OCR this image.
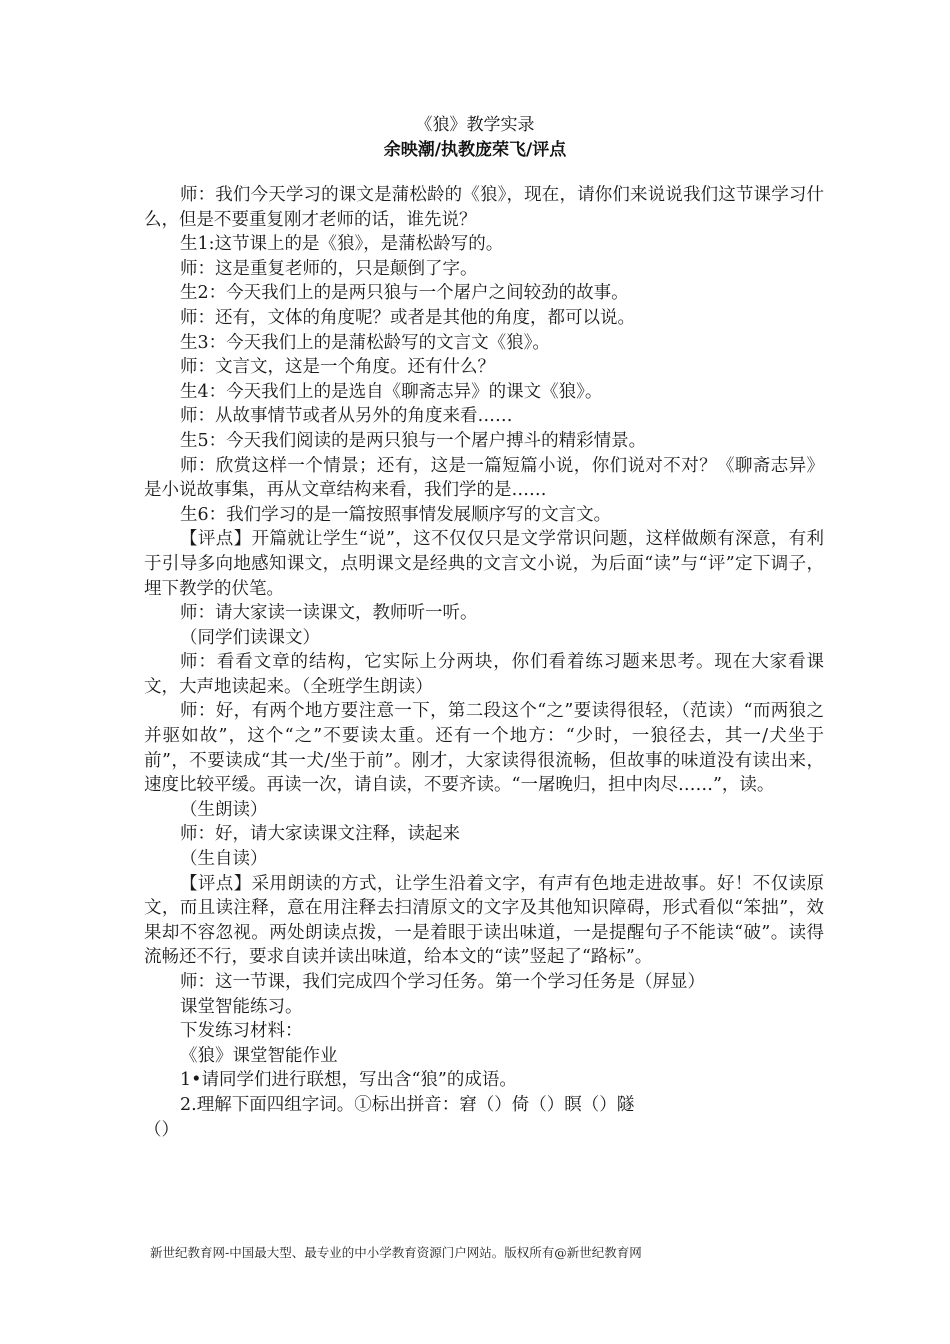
《狼》教学实录
余映潮/执教庞荣飞/评点

师：我们今天学习的课文是蒲松龄的《狼》，现在，请你们来说说我们这节课学习什么，但是不要重复刚才老师的话，谁先说？

生1:这节课上的是《狼》，是蒲松龄写的。

师：这是重复老师的，只是颠倒了字。

生2：今天我们上的是两只狼与一个屠户之间较劲的故事。

师：还有，文体的角度呢？或者是其他的角度，都可以说。

生3：今天我们上的是蒲松龄写的文言文《狼》。

师：文言文，这是一个角度。还有什么？

生4：今天我们上的是选自《聊斋志异》的课文《狼》。

师：从故事情节或者从另外的角度来看……

生5：今天我们阅读的是两只狼与一个屠户搏斗的精彩情景。

师：欣赏这样一个情景；还有，这是一篇短篇小说，你们说对不对？《聊斋志异》是小说故事集，再从文章结构来看，我们学的是……

生6：我们学习的是一篇按照事情发展顺序写的文言文。

【评点】开篇就让学生“说”，这不仅仅只是文学常识问题，这样做颇有深意，有利于引导多向地感知课文，点明课文是经典的文言文小说，为后面“读”与“评”定下调子，埋下教学的伏笔。

师：请大家读一读课文，教师听一听。

（同学们读课文）

师：看看文章的结构，它实际上分两块，你们看着练习题来思考。现在大家看课文，大声地读起来。（全班学生朗读）

师：好，有两个地方要注意一下，第二段这个“之”要读得很轻，（范读）“而两狼之并驱如故”，这个“之”不要读太重。还有一个地方：“少时，一狼径去，其一/犬坐于前”，不要读成“其一犬/坐于前”。刚才，大家读得很流畅，但故事的味道没有读出来，速度比较平缓。再读一次，请自读，不要齐读。“一屠晚归，担中肉尽……”，读。

（生朗读）

师：好，请大家读课文注释，读起来

（生自读）

【评点】采用朗读的方式，让学生沿着文字，有声有色地走进故事。好！不仅读原文，而且读注释，意在用注释去扫清原文的文字及其他知识障碍，形式看似“笨拙”，效果却不容忽视。两处朗读点拨，一是着眼于读出味道，一是提醒句子不能读“破”。读得流畅还不行，要求自读并读出味道，给本文的“读”竖起了“路标”。

师：这一节课，我们完成四个学习任务。第一个学习任务是（屏显）

课堂智能练习。

下发练习材料：

《狼》课堂智能作业

1•请同学们进行联想，写出含“狼”的成语。

2.理解下面四组字词。①标出拼音：窘（）倚（）瞑（）隧

（）

新世纪教育网-中国最大型、最专业的中小学教育资源门户网站。版权所有@新世纪教育网
